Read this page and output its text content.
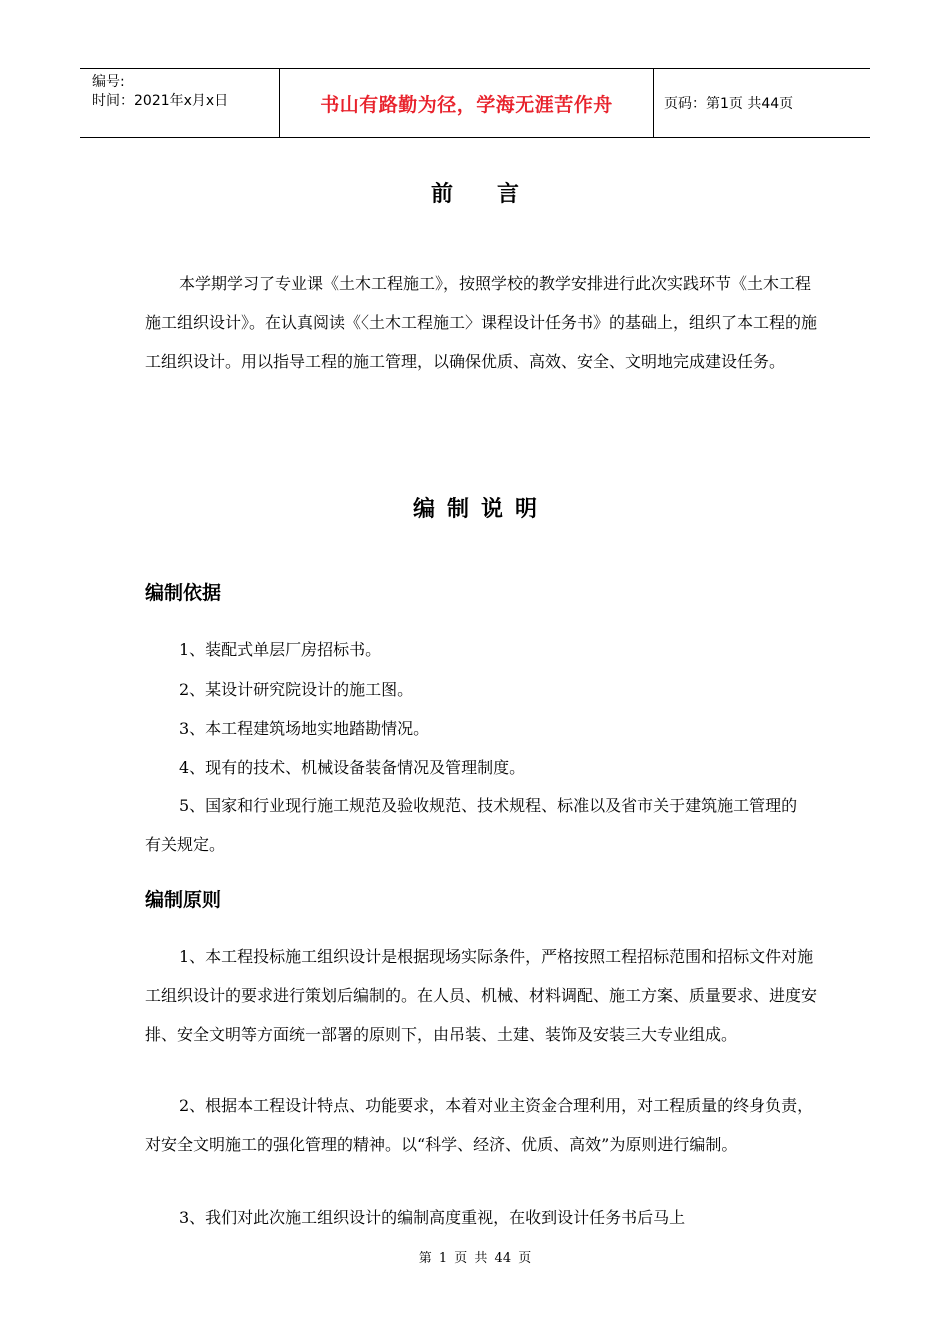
编号:
时间：2021年x月x日	书山有路勤为径，学海无涯苦作舟	页码：第1页 共44页
前言

本学期学习了专业课《土木工程施工》，按照学校的教学安排进行此次实践环节《土木工程施工组织设计》。在认真阅读《〈土木工程施工〉课程设计任务书》的基础上，组织了本工程的施工组织设计。用以指导工程的施工管理，以确保优质、高效、安全、文明地完成建设任务。

编制说明
编制依据

1、装配式单层厂房招标书。

2、某设计研究院设计的施工图。

3、本工程建筑场地实地踏勘情况。

4、现有的技术、机械设备装备情况及管理制度。

5、国家和行业现行施工规范及验收规范、技术规程、标准以及省市关于建筑施工管理的有关规定。

编制原则

1、本工程投标施工组织设计是根据现场实际条件，严格按照工程招标范围和招标文件对施工组织设计的要求进行策划后编制的。在人员、机械、材料调配、施工方案、质量要求、进度安排、安全文明等方面统一部署的原则下，由吊装、土建、装饰及安装三大专业组成。

2、根据本工程设计特点、功能要求，本着对业主资金合理利用，对工程质量的终身负责，对安全文明施工的强化管理的精神。以“科学、经济、优质、高效”为原则进行编制。

3、我们对此次施工组织设计的编制高度重视，在收到设计任务书后马上

第 1 页 共 44 页
